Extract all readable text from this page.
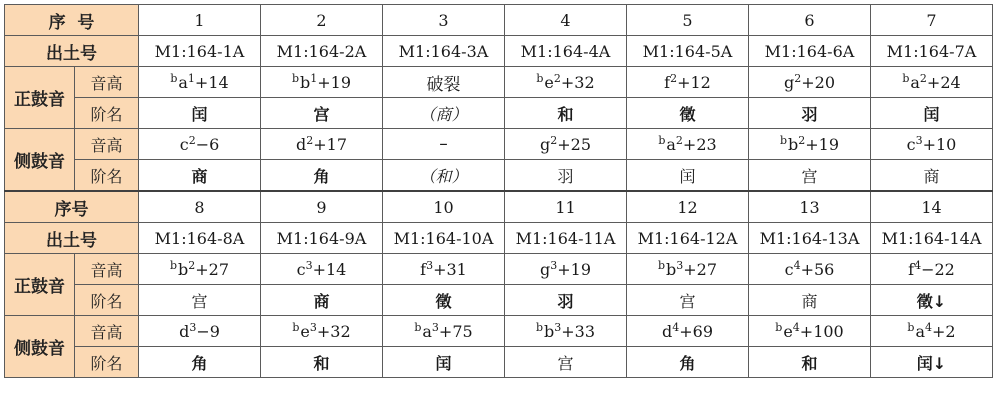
序  号		1	2	3	4	5	6	7
出土号		M1:164-1A	M1:164-2A	M1:164-3A	M1:164-4A	M1:164-5A	M1:164-6A	M1:164-7A
正鼓音	音高	$^ba^1+14$	$^bb^1+19$	破裂	$^be^2+32$	$f^2+12$	$g^2+20$	$^ba^2+24$
	阶名	闰	宫	（商）	和	徵	羽	闰
侧鼓音	音高	$c^2-6$	$d^2+17$	–	$g^2+25$	$^ba^2+23$	$^bb^2+19$	$c^3+10$
	阶名	商	角	（和）	羽	闰	宫	商
序号		8	9	10	11	12	13	14
出土号		M1:164-8A	M1:164-9A	M1:164-10A	M1:164-11A	M1:164-12A	M1:164-13A	M1:164-14A
正鼓音	音高	$^bb^2+27$	$c^3+14$	$f^3+31$	$g^3+19$	$^bb^3+27$	$c^4+56$	$f^4-22$
	阶名	宫	商	徵	羽	宫	商	徵↓
侧鼓音	音高	$d^3-9$	$^be^3+32$	$^ba^3+75$	$^bb^3+33$	$d^4+69$	$^be^4+100$	$^ba^4+2$
	阶名	角	和	闰	宫	角	和	闰↓
